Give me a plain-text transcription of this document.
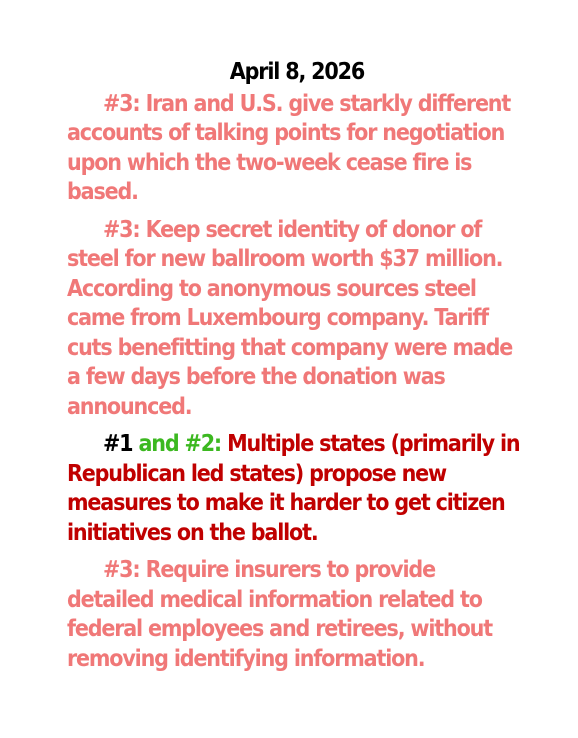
April 8, 2026

#3: Iran and U.S. give starkly different accounts of talking points for negotiation upon which the two-week cease fire is based.

#3: Keep secret identity of donor of steel for new ballroom worth $37 million. According to anonymous sources steel came from Luxembourg company. Tariff cuts benefitting that company were made a few days before the donation was announced.

#1 and #2: Multiple states (primarily in Republican led states) propose new measures to make it harder to get citizen initiatives on the ballot.

#3: Require insurers to provide detailed medical information related to federal employees and retirees, without removing identifying information.
